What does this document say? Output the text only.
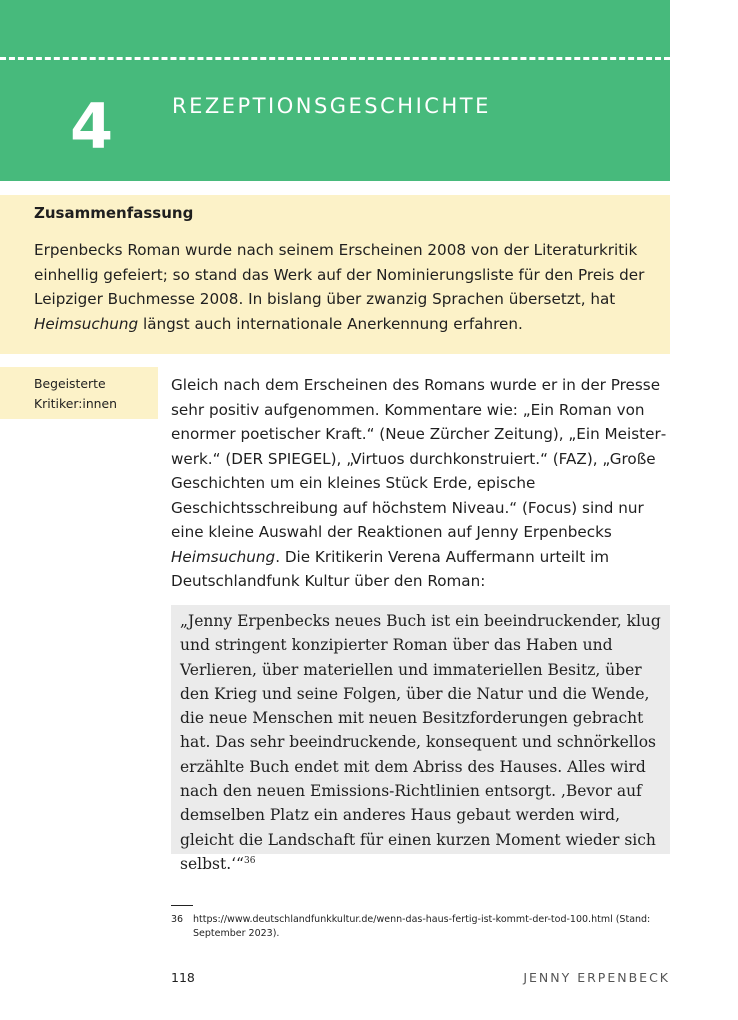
4	REZEPTIONSGESCHICHTE
Zusammenfassung
Erpenbecks Roman wurde nach seinem Erscheinen 2008 von der Literaturkritik einhellig gefeiert; so stand das Werk auf der Nominierungsliste für den Preis der Leipziger Buchmesse 2008. In bislang über zwanzig Sprachen übersetzt, hat Heimsuchung längst auch internationale Anerkennung erfahren.
Begeisterte
Kritiker:innen

Gleich nach dem Erscheinen des Romans wurde er in der Presse sehr positiv aufgenommen. Kommentare wie: „Ein Roman von enormer poetischer Kraft.“ (Neue Zürcher Zeitung), „Ein Meisterwerk.“ (DER SPIEGEL), „Virtuos durchkonstruiert.“ (FAZ), „Große Geschichten um ein kleines Stück Erde, epische Geschichtsschreibung auf höchstem Niveau.“ (Focus) sind nur eine kleine Auswahl der Reaktionen auf Jenny Erpenbecks Heimsuchung. Die Kritikerin Verena Auffermann urteilt im Deutschlandfunk Kultur über den Roman:

„Jenny Erpenbecks neues Buch ist ein beeindruckender, klug und stringent konzipierter Roman über das Haben und Verlieren, über materiellen und immateriellen Besitz, über den Krieg und seine Folgen, über die Natur und die Wende, die neue Menschen mit neuen Besitzforderungen gebracht hat. Das sehr beeindruckende, konsequent und schnörkellos erzählte Buch endet mit dem Abriss des Hauses. Alles wird nach den neuen Emissions-Richtlinien entsorgt. ‚Bevor auf demselben Platz ein anderes Haus gebaut werden wird, gleicht die Landschaft für einen kurzen Moment wieder sich selbst.‘“$^{36}$
36 https://www.deutschlandfunkkultur.de/wenn-das-haus-fertig-ist-kommt-der-tod-100.html (Stand: September 2023).
118	JENNY ERPENBECK
